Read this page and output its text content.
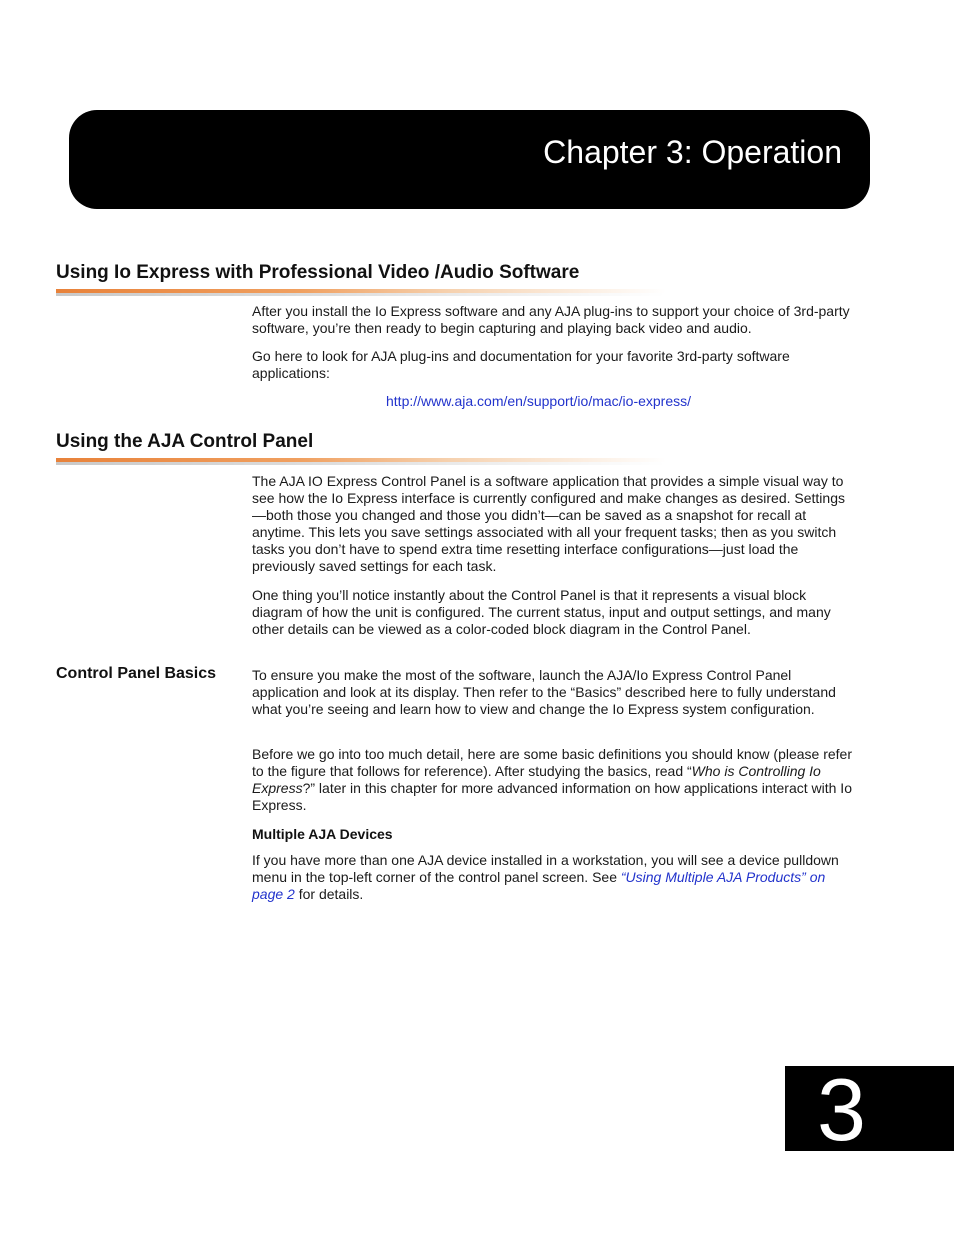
Chapter 3: Operation
Using Io Express with Professional Video /Audio Software

After you install the Io Express software and any AJA plug-ins to support your choice of 3rd-party software, you’re then ready to begin capturing and playing back video and audio.

Go here to look for AJA plug-ins and documentation for your favorite 3rd-party software applications:

http://www.aja.com/en/support/io/mac/io-express/

Using the AJA Control Panel

The AJA IO Express Control Panel is a software application that provides a simple visual way to see how the Io Express interface is currently configured and make changes as desired. Settings—both those you changed and those you didn’t—can be saved as a snapshot for recall at anytime. This lets you save settings associated with all your frequent tasks; then as you switch tasks you don’t have to spend extra time resetting interface configurations—just load the previously saved settings for each task.

One thing you’ll notice instantly about the Control Panel is that it represents a visual block diagram of how the unit is configured. The current status, input and output settings, and many other details can be viewed as a color-coded block diagram in the Control Panel.

Control Panel Basics	To ensure you make the most of the software, launch the AJA/Io Express Control Panel application and look at its display. Then refer to the “Basics” described here to fully understand what you’re seeing and learn how to view and change the Io Express system configuration.

Before we go into too much detail, here are some basic definitions you should know (please refer to the figure that follows for reference). After studying the basics, read “Who is Controlling Io Express?” later in this chapter for more advanced information on how applications interact with Io Express.

Multiple AJA Devices

If you have more than one AJA device installed in a workstation, you will see a device pulldown menu in the top-left corner of the control panel screen. See “Using Multiple AJA Products” on page 2 for details.

3
